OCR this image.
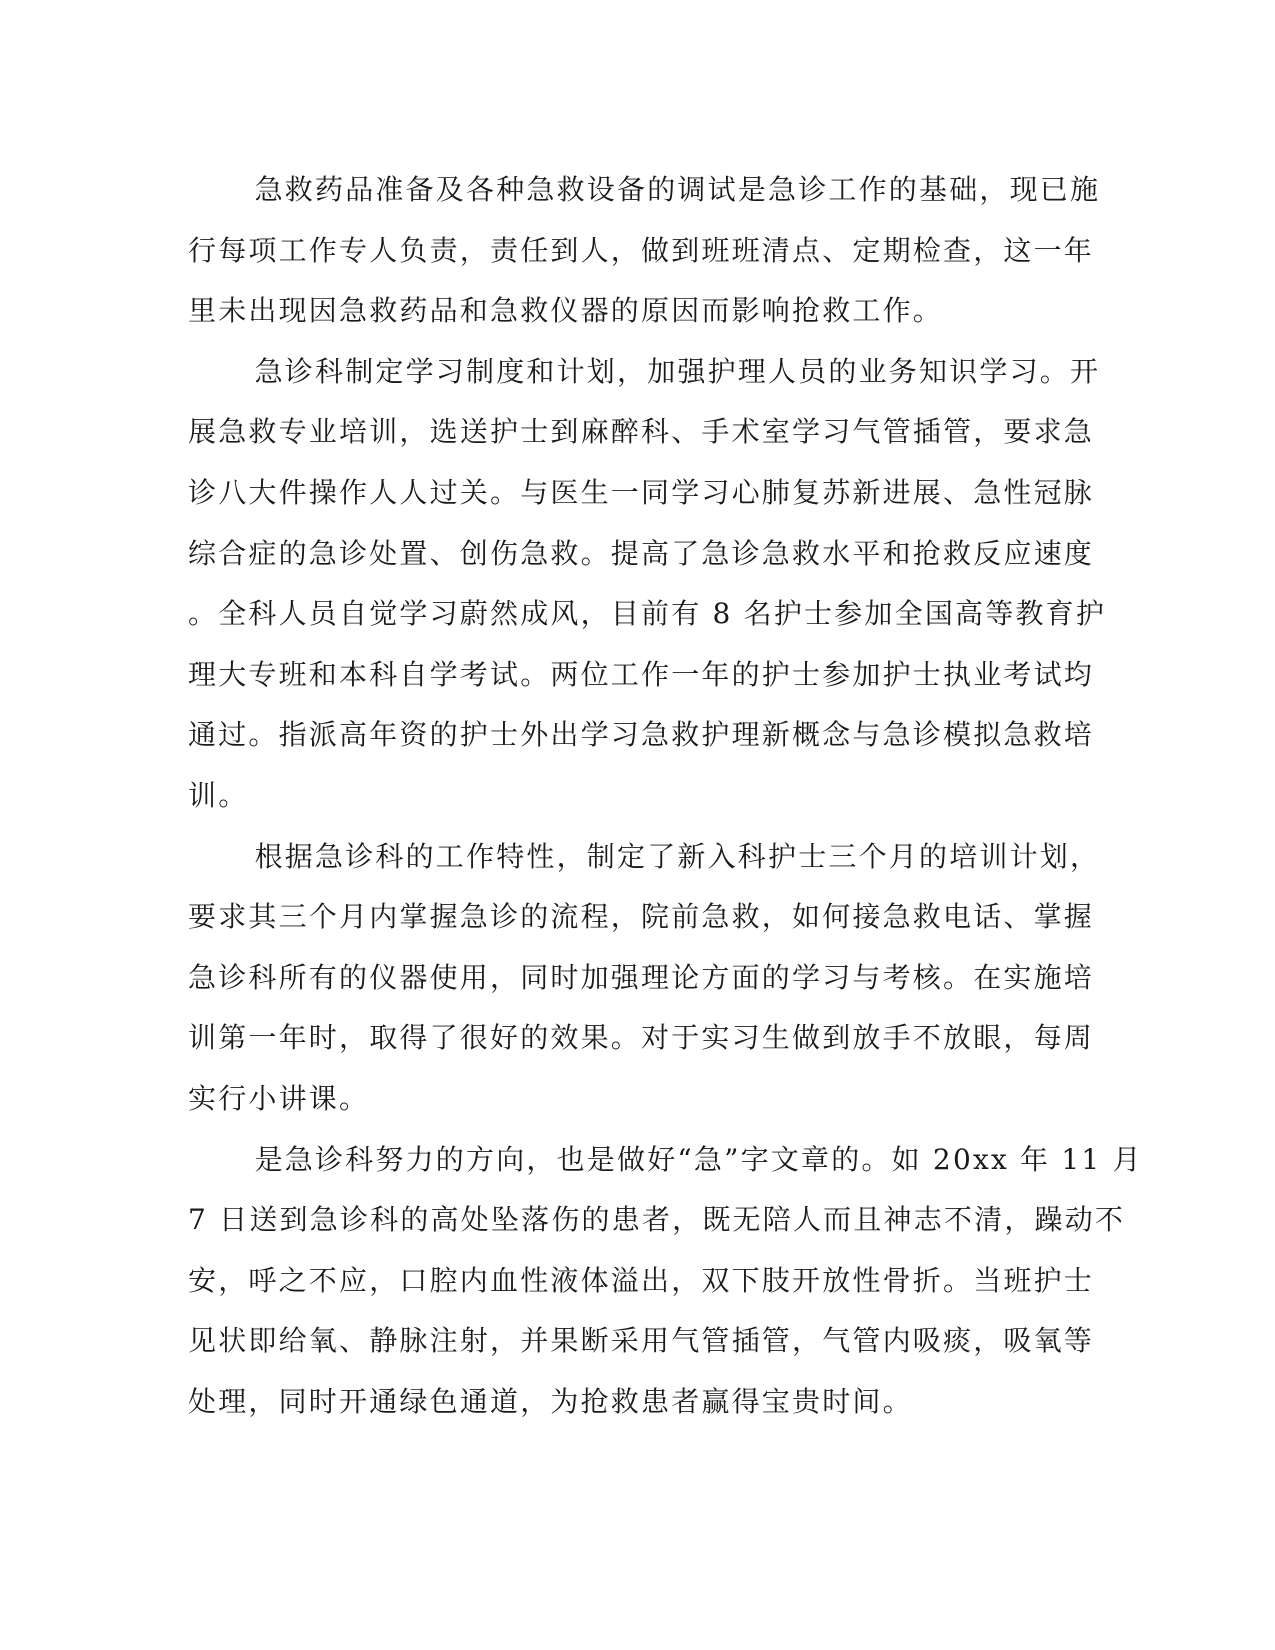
急救药品准备及各种急救设备的调试是急诊工作的基础，现已施
行每项工作专人负责，责任到人，做到班班清点、定期检查，这一年
里未出现因急救药品和急救仪器的原因而影响抢救工作。
急诊科制定学习制度和计划，加强护理人员的业务知识学习。开
展急救专业培训，选送护士到麻醉科、手术室学习气管插管，要求急
诊八大件操作人人过关。与医生一同学习心肺复苏新进展、急性冠脉
综合症的急诊处置、创伤急救。提高了急诊急救水平和抢救反应速度
。全科人员自觉学习蔚然成风，目前有 8 名护士参加全国高等教育护
理大专班和本科自学考试。两位工作一年的护士参加护士执业考试均
通过。指派高年资的护士外出学习急救护理新概念与急诊模拟急救培
训。
根据急诊科的工作特性，制定了新入科护士三个月的培训计划，
要求其三个月内掌握急诊的流程，院前急救，如何接急救电话、掌握
急诊科所有的仪器使用，同时加强理论方面的学习与考核。在实施培
训第一年时，取得了很好的效果。对于实习生做到放手不放眼，每周
实行小讲课。
是急诊科努力的方向，也是做好“急”字文章的。如 20xx 年 11 月
7 日送到急诊科的高处坠落伤的患者，既无陪人而且神志不清，躁动不
安，呼之不应，口腔内血性液体溢出，双下肢开放性骨折。当班护士
见状即给氧、静脉注射，并果断采用气管插管，气管内吸痰，吸氧等
处理，同时开通绿色通道，为抢救患者赢得宝贵时间。
